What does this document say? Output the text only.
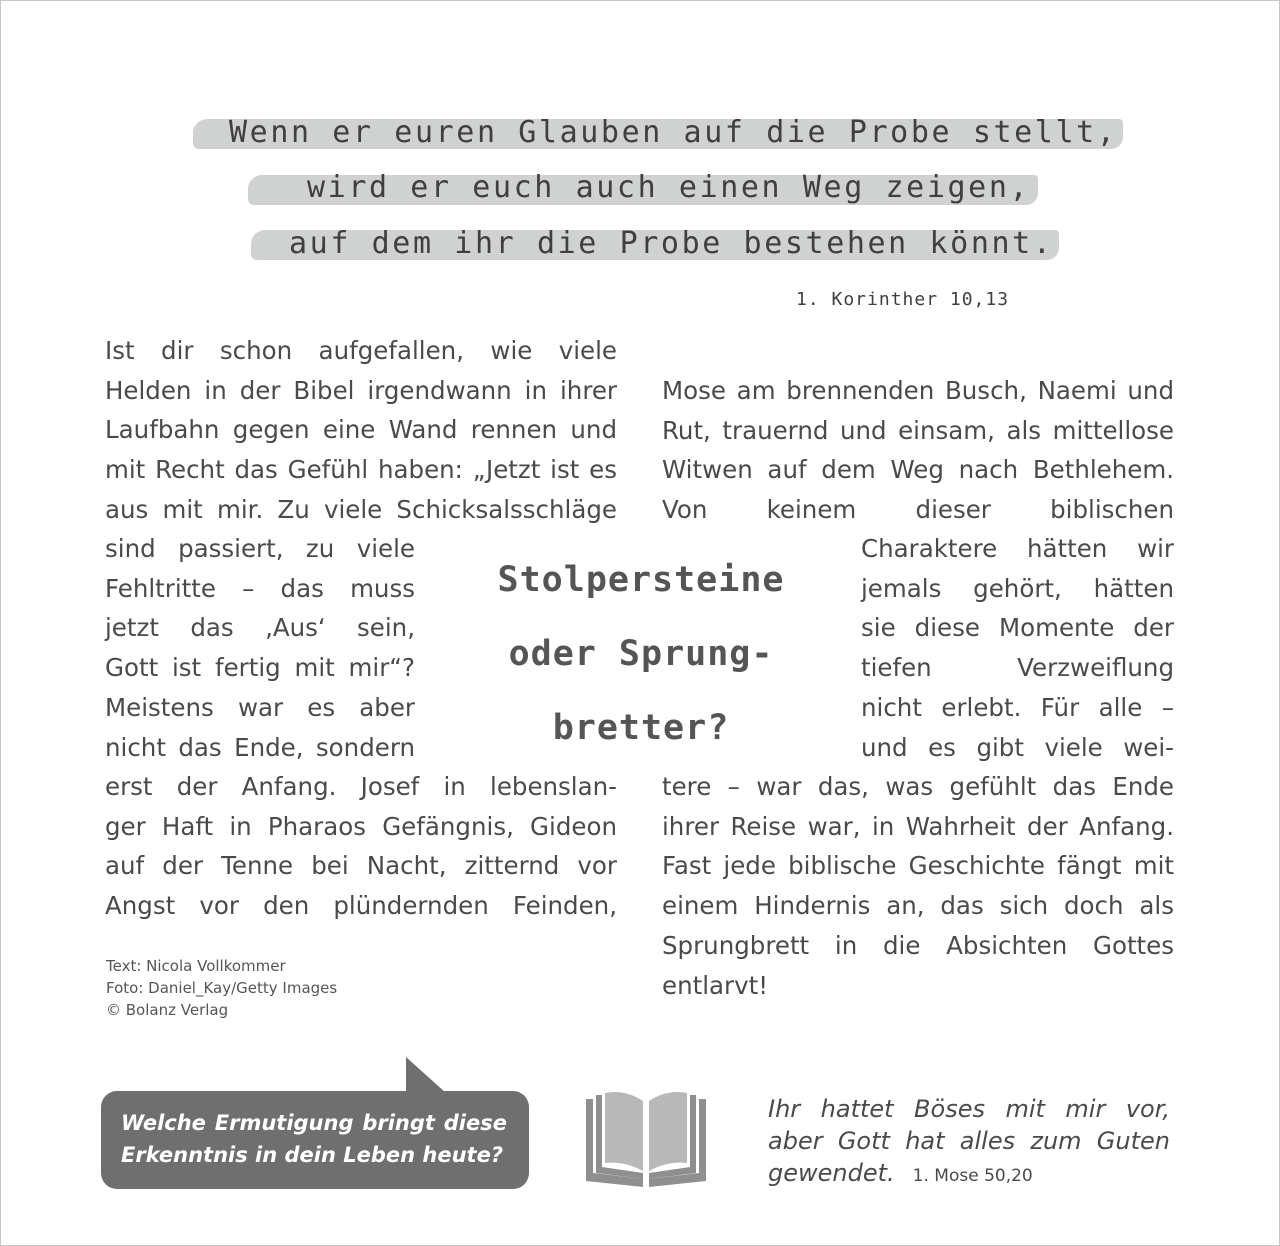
Wenn er euren Glauben auf die Probe stellt,
wird er euch auch einen Weg zeigen,
auf dem ihr die Probe bestehen könnt.
1. Korinther 10,13
Ist dir schon aufgefallen, wie viele
Helden in der Bibel irgendwann in ihrer
Laufbahn gegen eine Wand rennen und
mit Recht das Gefühl haben: „Jetzt ist es
aus mit mir. Zu viele Schicksalsschläge
sind passiert, zu viele
Fehltritte – das muss
jetzt das ‚Aus‘ sein,
Gott ist fertig mit mir“?
Meistens war es aber
nicht das Ende, sondern
erst der Anfang. Josef in lebenslan-
ger Haft in Pharaos Gefängnis, Gideon
auf der Tenne bei Nacht, zitternd vor
Angst vor den plündernden Feinden,
Stolpersteine
oder Sprung-
bretter?
Mose am brennenden Busch, Naemi und
Rut, trauernd und einsam, als mittellose
Witwen auf dem Weg nach Bethlehem.
Von keinem dieser biblischen
Charaktere hätten wir
jemals gehört, hätten
sie diese Momente der
tiefen Verzweiflung
nicht erlebt. Für alle –
und es gibt viele wei-
tere – war das, was gefühlt das Ende
ihrer Reise war, in Wahrheit der Anfang.
Fast jede biblische Geschichte fängt mit
einem Hindernis an, das sich doch als
Sprungbrett in die Absichten Gottes
entlarvt!
Text: Nicola Vollkommer
Foto: Daniel_Kay/Getty Images
© Bolanz Verlag
Welche Ermutigung bringt diese
Erkenntnis in dein Leben heute?
Ihr hattet Böses mit mir vor,
aber Gott hat alles zum Guten
gewendet. 1. Mose 50,20
